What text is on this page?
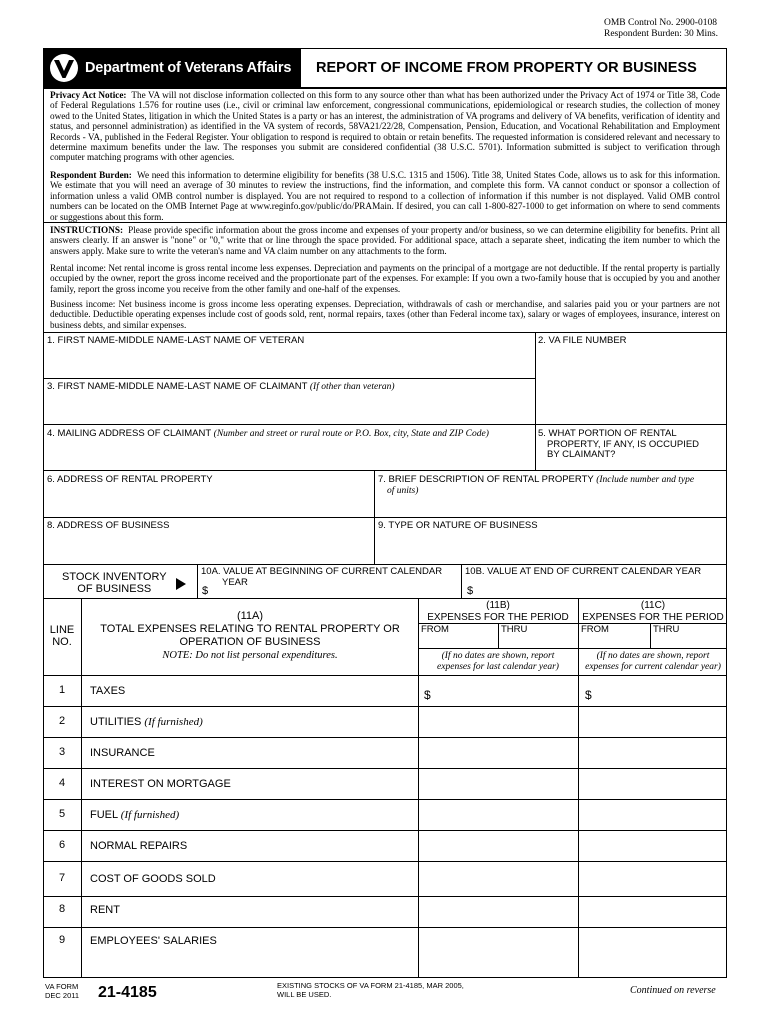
OMB Control No. 2900-0108
Respondent Burden: 30 Mins.
Department of Veterans Affairs REPORT OF INCOME FROM PROPERTY OR BUSINESS
Privacy Act Notice: The VA will not disclose information collected on this form to any source other than what has been authorized under the Privacy Act of 1974 or Title 38, Code of Federal Regulations 1.576 for routine uses (i.e., civil or criminal law enforcement, congressional communications, epidemiological or research studies, the collection of money owed to the United States, litigation in which the United States is a party or has an interest, the administration of VA programs and delivery of VA benefits, verification of identity and status, and personnel administration) as identified in the VA system of records, 58VA21/22/28, Compensation, Pension, Education, and Vocational Rehabilitation and Employment Records - VA, published in the Federal Register. Your obligation to respond is required to obtain or retain benefits. The requested information is considered relevant and necessary to determine maximum benefits under the law. The responses you submit are considered confidential (38 U.S.C. 5701). Information submitted is subject to verification through computer matching programs with other agencies.
Respondent Burden: We need this information to determine eligibility for benefits (38 U.S.C. 1315 and 1506). Title 38, United States Code, allows us to ask for this information. We estimate that you will need an average of 30 minutes to review the instructions, find the information, and complete this form. VA cannot conduct or sponsor a collection of information unless a valid OMB control number is displayed. You are not required to respond to a collection of information if this number is not displayed. Valid OMB control numbers can be located on the OMB Internet Page at www.reginfo.gov/public/do/PRAMain. If desired, you can call 1-800-827-1000 to get information on where to send comments or suggestions about this form.
INSTRUCTIONS: Please provide specific information about the gross income and expenses of your property and/or business, so we can determine eligibility for benefits. Print all answers clearly. If an answer is "none" or "0," write that or line through the space provided. For additional space, attach a separate sheet, indicating the item number to which the answers apply. Make sure to write the veteran's name and VA claim number on any attachments to the form.
Rental income: Net rental income is gross rental income less expenses. Depreciation and payments on the principal of a mortgage are not deductible. If the rental property is partially occupied by the owner, report the gross income received and the proportionate part of the expenses. For example: If you own a two-family house that is occupied by you and another family, report the gross income you receive from the other family and one-half of the expenses.
Business income: Net business income is gross income less operating expenses. Depreciation, withdrawals of cash or merchandise, and salaries paid you or your partners are not deductible. Deductible operating expenses include cost of goods sold, rent, normal repairs, taxes (other than Federal income tax), salary or wages of employees, insurance, interest on business debts, and similar expenses.
1. FIRST NAME-MIDDLE NAME-LAST NAME OF VETERAN	2. VA FILE NUMBER
3. FIRST NAME-MIDDLE NAME-LAST NAME OF CLAIMANT (If other than veteran)
4. MAILING ADDRESS OF CLAIMANT (Number and street or rural route or P.O. Box, city, State and ZIP Code)	5. WHAT PORTION OF RENTAL
PROPERTY, IF ANY, IS OCCUPIED
BY CLAIMANT?
6. ADDRESS OF RENTAL PROPERTY	7. BRIEF DESCRIPTION OF RENTAL PROPERTY (Include number and type
of units)
8. ADDRESS OF BUSINESS	9. TYPE OR NATURE OF BUSINESS
STOCK INVENTORY
OF BUSINESS
10A. VALUE AT BEGINNING OF CURRENT CALENDAR
YEAR
$
10B. VALUE AT END OF CURRENT CALENDAR YEAR
$
LINE
NO.
(11A)
TOTAL EXPENSES RELATING TO RENTAL PROPERTY OR
OPERATION OF BUSINESS
NOTE: Do not list personal expenditures.
(11B)
EXPENSES FOR THE PERIOD
(11C)
EXPENSES FOR THE PERIOD
FROM	THRU	FROM	THRU
(If no dates are shown, report
expenses for last calendar year)
(If no dates are shown, report
expenses for current calendar year)
1	TAXES	$	$
2	UTILITIES (If furnished)
3	INSURANCE
4	INTEREST ON MORTGAGE
5	FUEL (If furnished)
6	NORMAL REPAIRS
7	COST OF GOODS SOLD
8	RENT
9	EMPLOYEES' SALARIES
VA FORM
DEC 2011 21-4185	EXISTING STOCKS OF VA FORM 21-4185, MAR 2005,
WILL BE USED.	Continued on reverse
